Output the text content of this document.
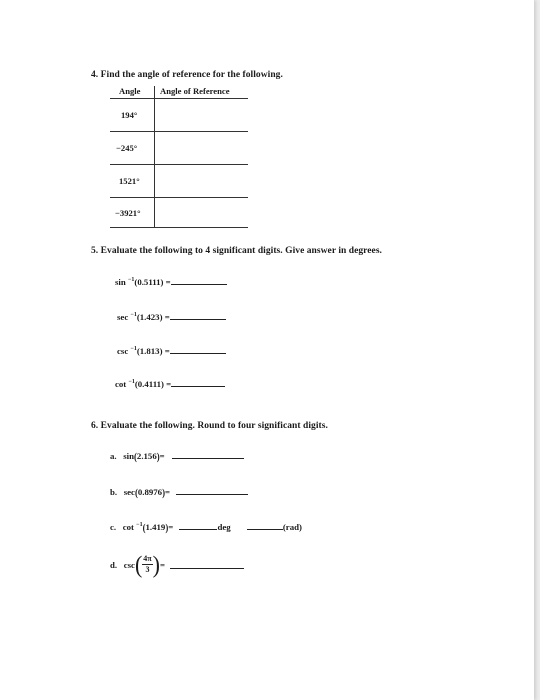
4. Find the angle of reference for the following.
Angle Angle of Reference
194°
−245°
1521°
−3921°
5. Evaluate the following to 4 significant digits. Give answer in degrees.
sin $^{-1}$(0.5111) =
sec $^{-1}$(1.423) =
csc $^{-1}$(1.813) =
cot $^{-1}$(0.4111) =
6. Evaluate the following. Round to four significant digits.
a. sin(2.156)=
b. sec(0.8976)=
c. cot $^{-1}$(1.419)=	deg	(rad)
d.
csc ( $\frac{4\pi}{3}$ ) =
